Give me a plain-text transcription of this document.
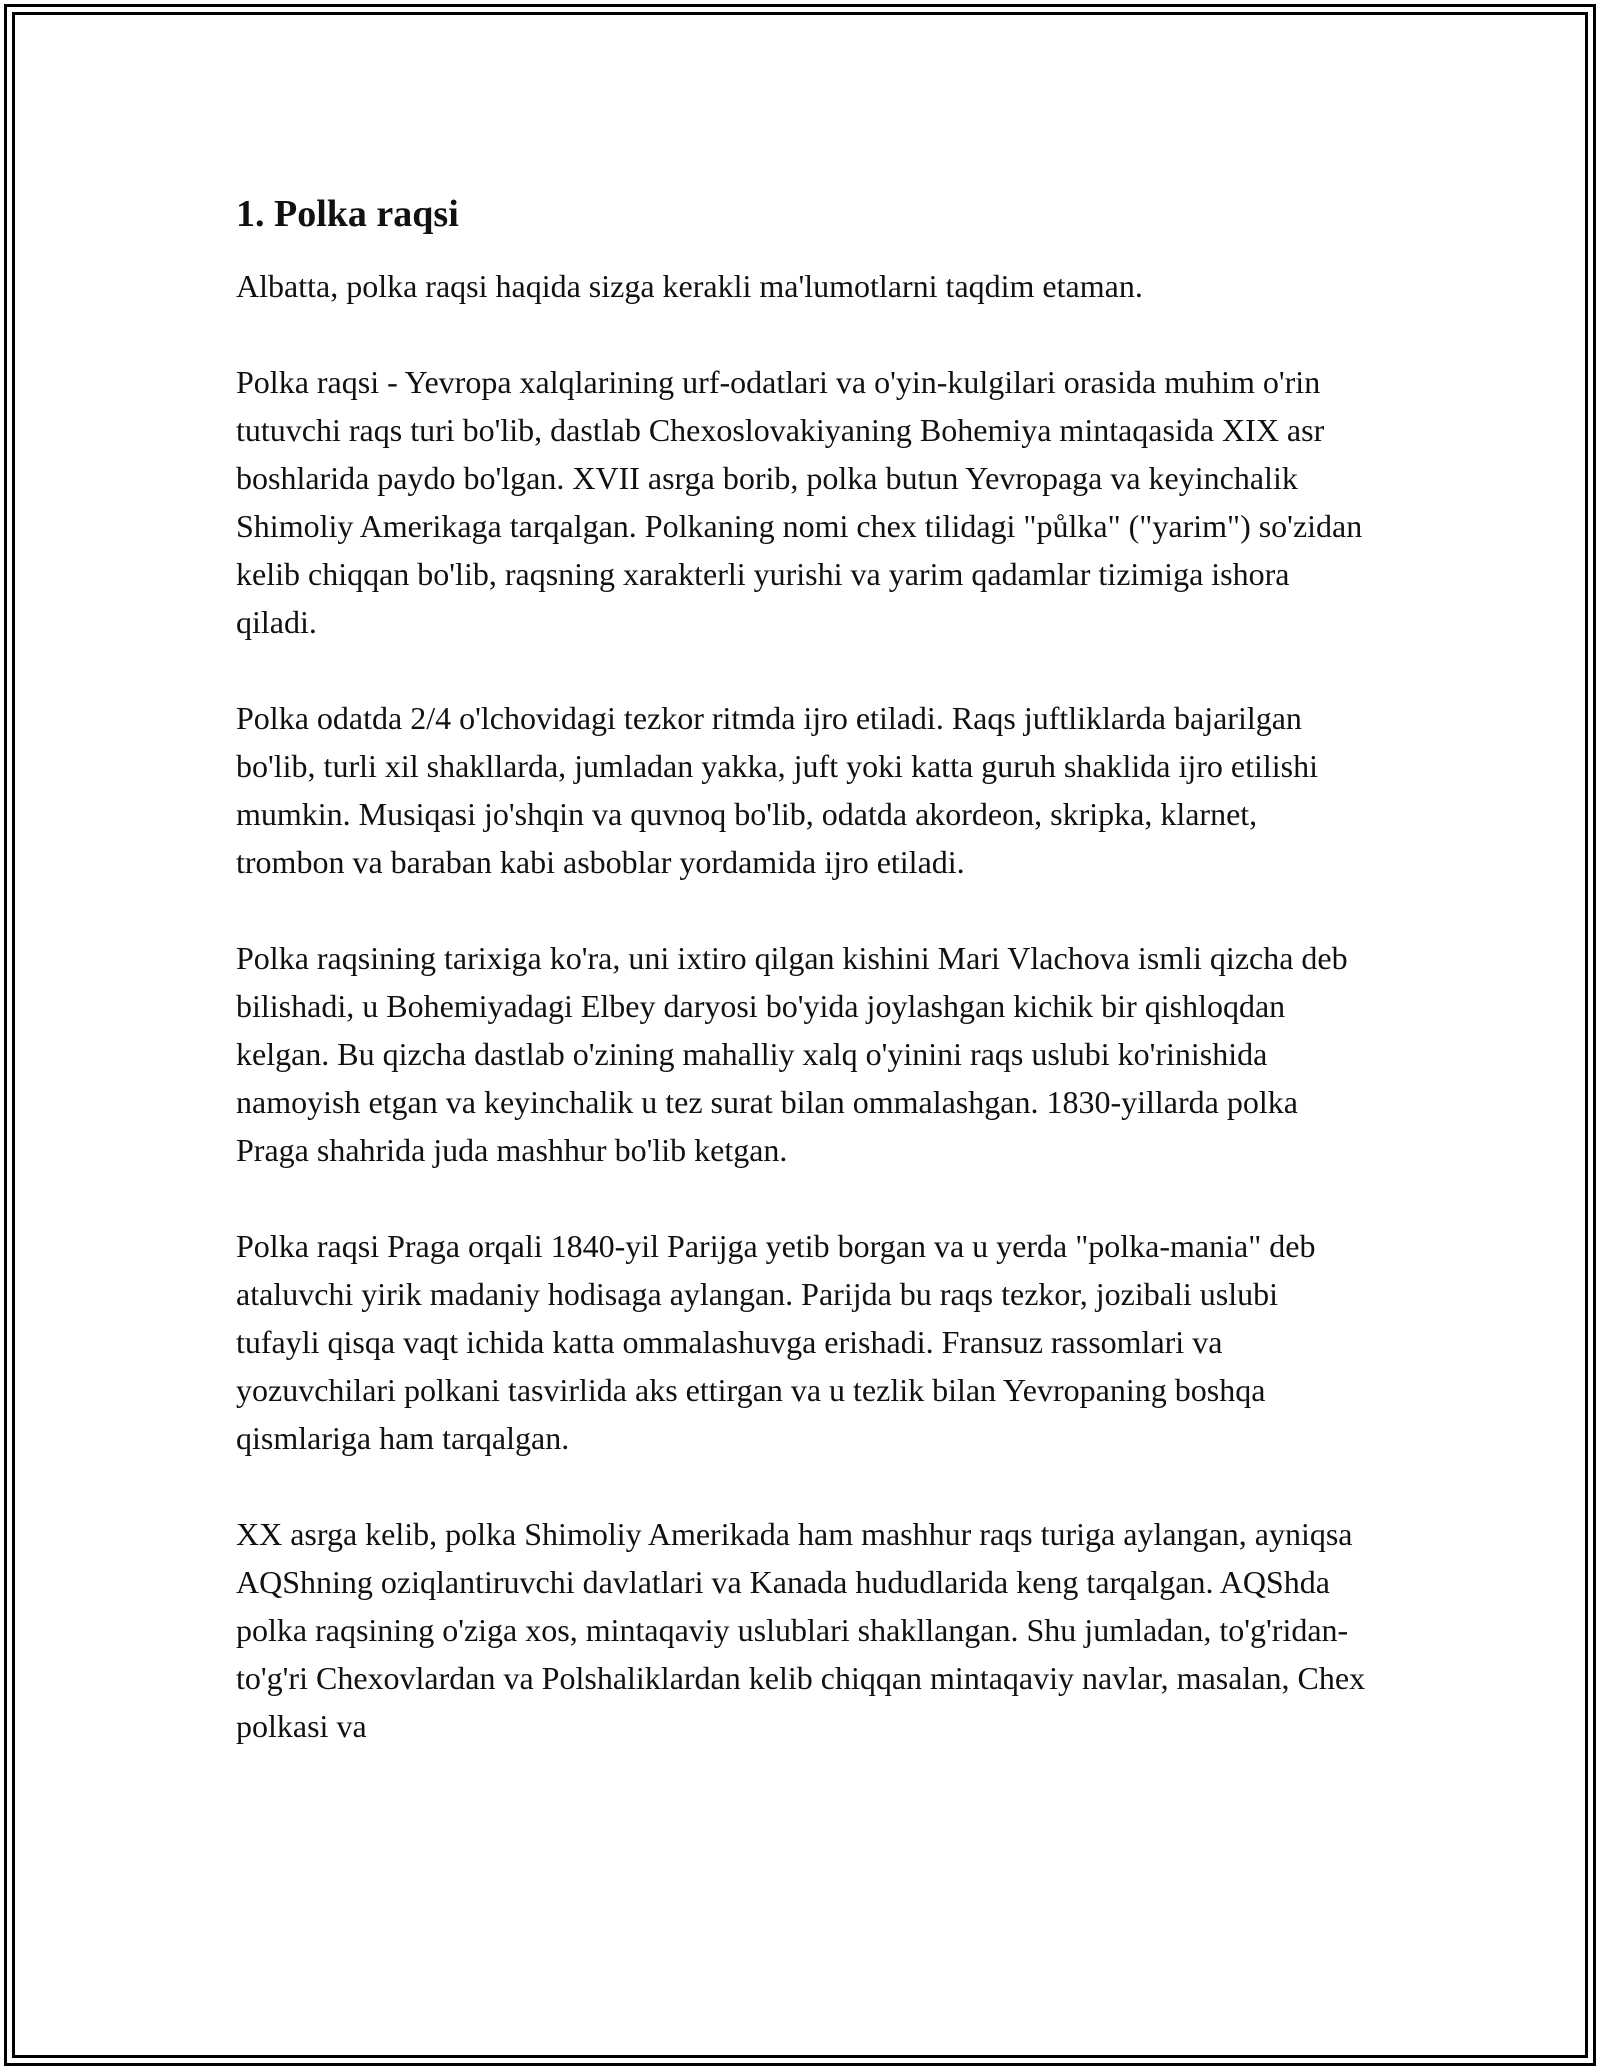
1. Polka raqsi

Albatta, polka raqsi haqida sizga kerakli ma'lumotlarni taqdim etaman.

Polka raqsi - Yevropa xalqlarining urf-odatlari va o'yin-kulgilari orasida muhim o'rin tutuvchi raqs turi bo'lib, dastlab Chexoslovakiyaning Bohemiya mintaqasida XIX asr boshlarida paydo bo'lgan. XVII asrga borib, polka butun Yevropaga va keyinchalik Shimoliy Amerikaga tarqalgan. Polkaning nomi chex tilidagi "půlka" ("yarim") so'zidan kelib chiqqan bo'lib, raqsning xarakterli yurishi va yarim qadamlar tizimiga ishora qiladi.

Polka odatda 2/4 o'lchovidagi tezkor ritmda ijro etiladi. Raqs juftliklarda bajarilgan bo'lib, turli xil shakllarda, jumladan yakka, juft yoki katta guruh shaklida ijro etilishi mumkin. Musiqasi jo'shqin va quvnoq bo'lib, odatda akordeon, skripka, klarnet, trombon va baraban kabi asboblar yordamida ijro etiladi.

Polka raqsining tarixiga ko'ra, uni ixtiro qilgan kishini Mari Vlachova ismli qizcha deb bilishadi, u Bohemiyadagi Elbey daryosi bo'yida joylashgan kichik bir qishloqdan kelgan. Bu qizcha dastlab o'zining mahalliy xalq o'yinini raqs uslubi ko'rinishida namoyish etgan va keyinchalik u tez surat bilan ommalashgan. 1830-yillarda polka Praga shahrida juda mashhur bo'lib ketgan.

Polka raqsi Praga orqali 1840-yil Parijga yetib borgan va u yerda "polka-mania" deb ataluvchi yirik madaniy hodisaga aylangan. Parijda bu raqs tezkor, jozibali uslubi tufayli qisqa vaqt ichida katta ommalashuvga erishadi. Fransuz rassomlari va yozuvchilari polkani tasvirlida aks ettirgan va u tezlik bilan Yevropaning boshqa qismlariga ham tarqalgan.

XX asrga kelib, polka Shimoliy Amerikada ham mashhur raqs turiga aylangan, ayniqsa AQShning oziqlantiruvchi davlatlari va Kanada hududlarida keng tarqalgan. AQShda polka raqsining o'ziga xos, mintaqaviy uslublari shakllangan. Shu jumladan, to'g'ridan-to'g'ri Chexovlardan va Polshaliklardan kelib chiqqan mintaqaviy navlar, masalan, Chex polkasi va
